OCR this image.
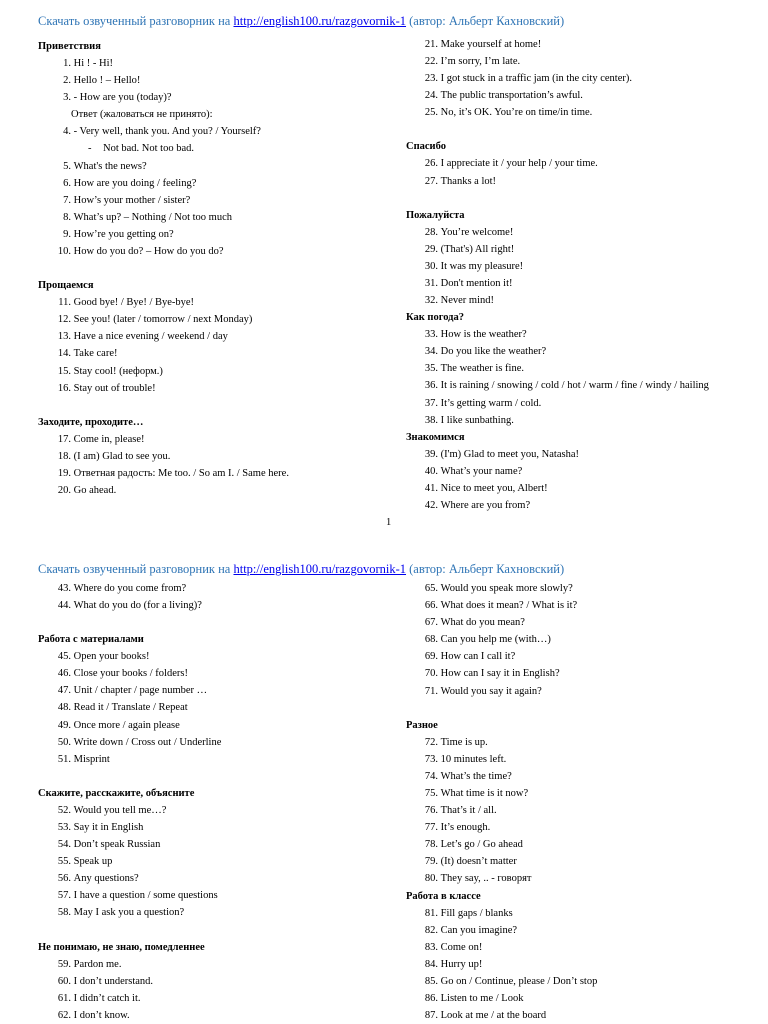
Скачать озвученный разговорник на http://english100.ru/razgovornik-1 (автор: Альберт Кахновский)
Приветствия
1. Hi ! - Hi!
2. Hello ! – Hello!
3. - How are you (today)?
Ответ (жаловаться не принято):
4. - Very well, thank you. And you? / Yourself?
- Not bad. Not too bad.
5. What's the news?
6. How are you doing / feeling?
7. How’s your mother / sister?
8. What’s up? – Nothing / Not too much
9. How’re you getting on?
10. How do you do? – How do you do?
Прощаемся
11. Good bye! / Bye! / Bye-bye!
12. See you! (later / tomorrow / next Monday)
13. Have a nice evening / weekend / day
14. Take care!
15. Stay cool! (неформ.)
16. Stay out of trouble!
Заходите, проходите…
17. Come in, please!
18. (I am) Glad to see you.
19. Ответная радость: Me too. / So am I. / Same here.
20. Go ahead.
21. Make yourself at home!
22. I’m sorry, I’m late.
23. I got stuck in a traffic jam (in the city center).
24. The public transportation’s awful.
25. No, it’s OK. You’re on time/in time.
Спасибо
26. I appreciate it / your help / your time.
27. Thanks a lot!
Пожалуйста
28. You’re welcome!
29. (That's) All right!
30. It was my pleasure!
31. Don't mention it!
32. Never mind!
Как погода?
33. How is the weather?
34. Do you like the weather?
35. The weather is fine.
36. It is raining / snowing / cold / hot / warm / fine / windy / hailing
37. It’s getting warm / cold.
38. I like sunbathing.
Знакомимся
39. (I'm) Glad to meet you, Natasha!
40. What’s your name?
41. Nice to meet you, Albert!
42. Where are you from?
1
Скачать озвученный разговорник на http://english100.ru/razgovornik-1 (автор: Альберт Кахновский)
43. Where do you come from?
44. What do you do (for a living)?
Работа с материалами
45. Open your books!
46. Close your books / folders!
47. Unit / chapter / page number …
48. Read it / Translate / Repeat
49. Once more / again please
50. Write down / Cross out / Underline
51. Misprint
Скажите, расскажите, объясните
52. Would you tell me…?
53. Say it in English
54. Don’t speak Russian
55. Speak up
56. Any questions?
57. I have a question / some questions
58. May I ask you a question?
Не понимаю, не знаю, помедленнее
59. Pardon me.
60. I don’t understand.
61. I didn’t catch it.
62. I don’t know.
65. Would you speak more slowly?
66. What does it mean? / What is it?
67. What do you mean?
68. Can you help me (with…)
69. How can I call it?
70. How can I say it in English?
71. Would you say it again?
Разное
72. Time is up.
73. 10 minutes left.
74. What’s the time?
75. What time is it now?
76. That’s it / all.
77. It’s enough.
78. Let’s go / Go ahead
79. (It) doesn’t matter
80. They say, .. - говорят
Работа в классе
81. Fill gaps / blanks
82. Can you imagine?
83. Come on!
84. Hurry up!
85. Go on / Continue, please / Don’t stop
86. Listen to me / Look
87. Look at me / at the board
